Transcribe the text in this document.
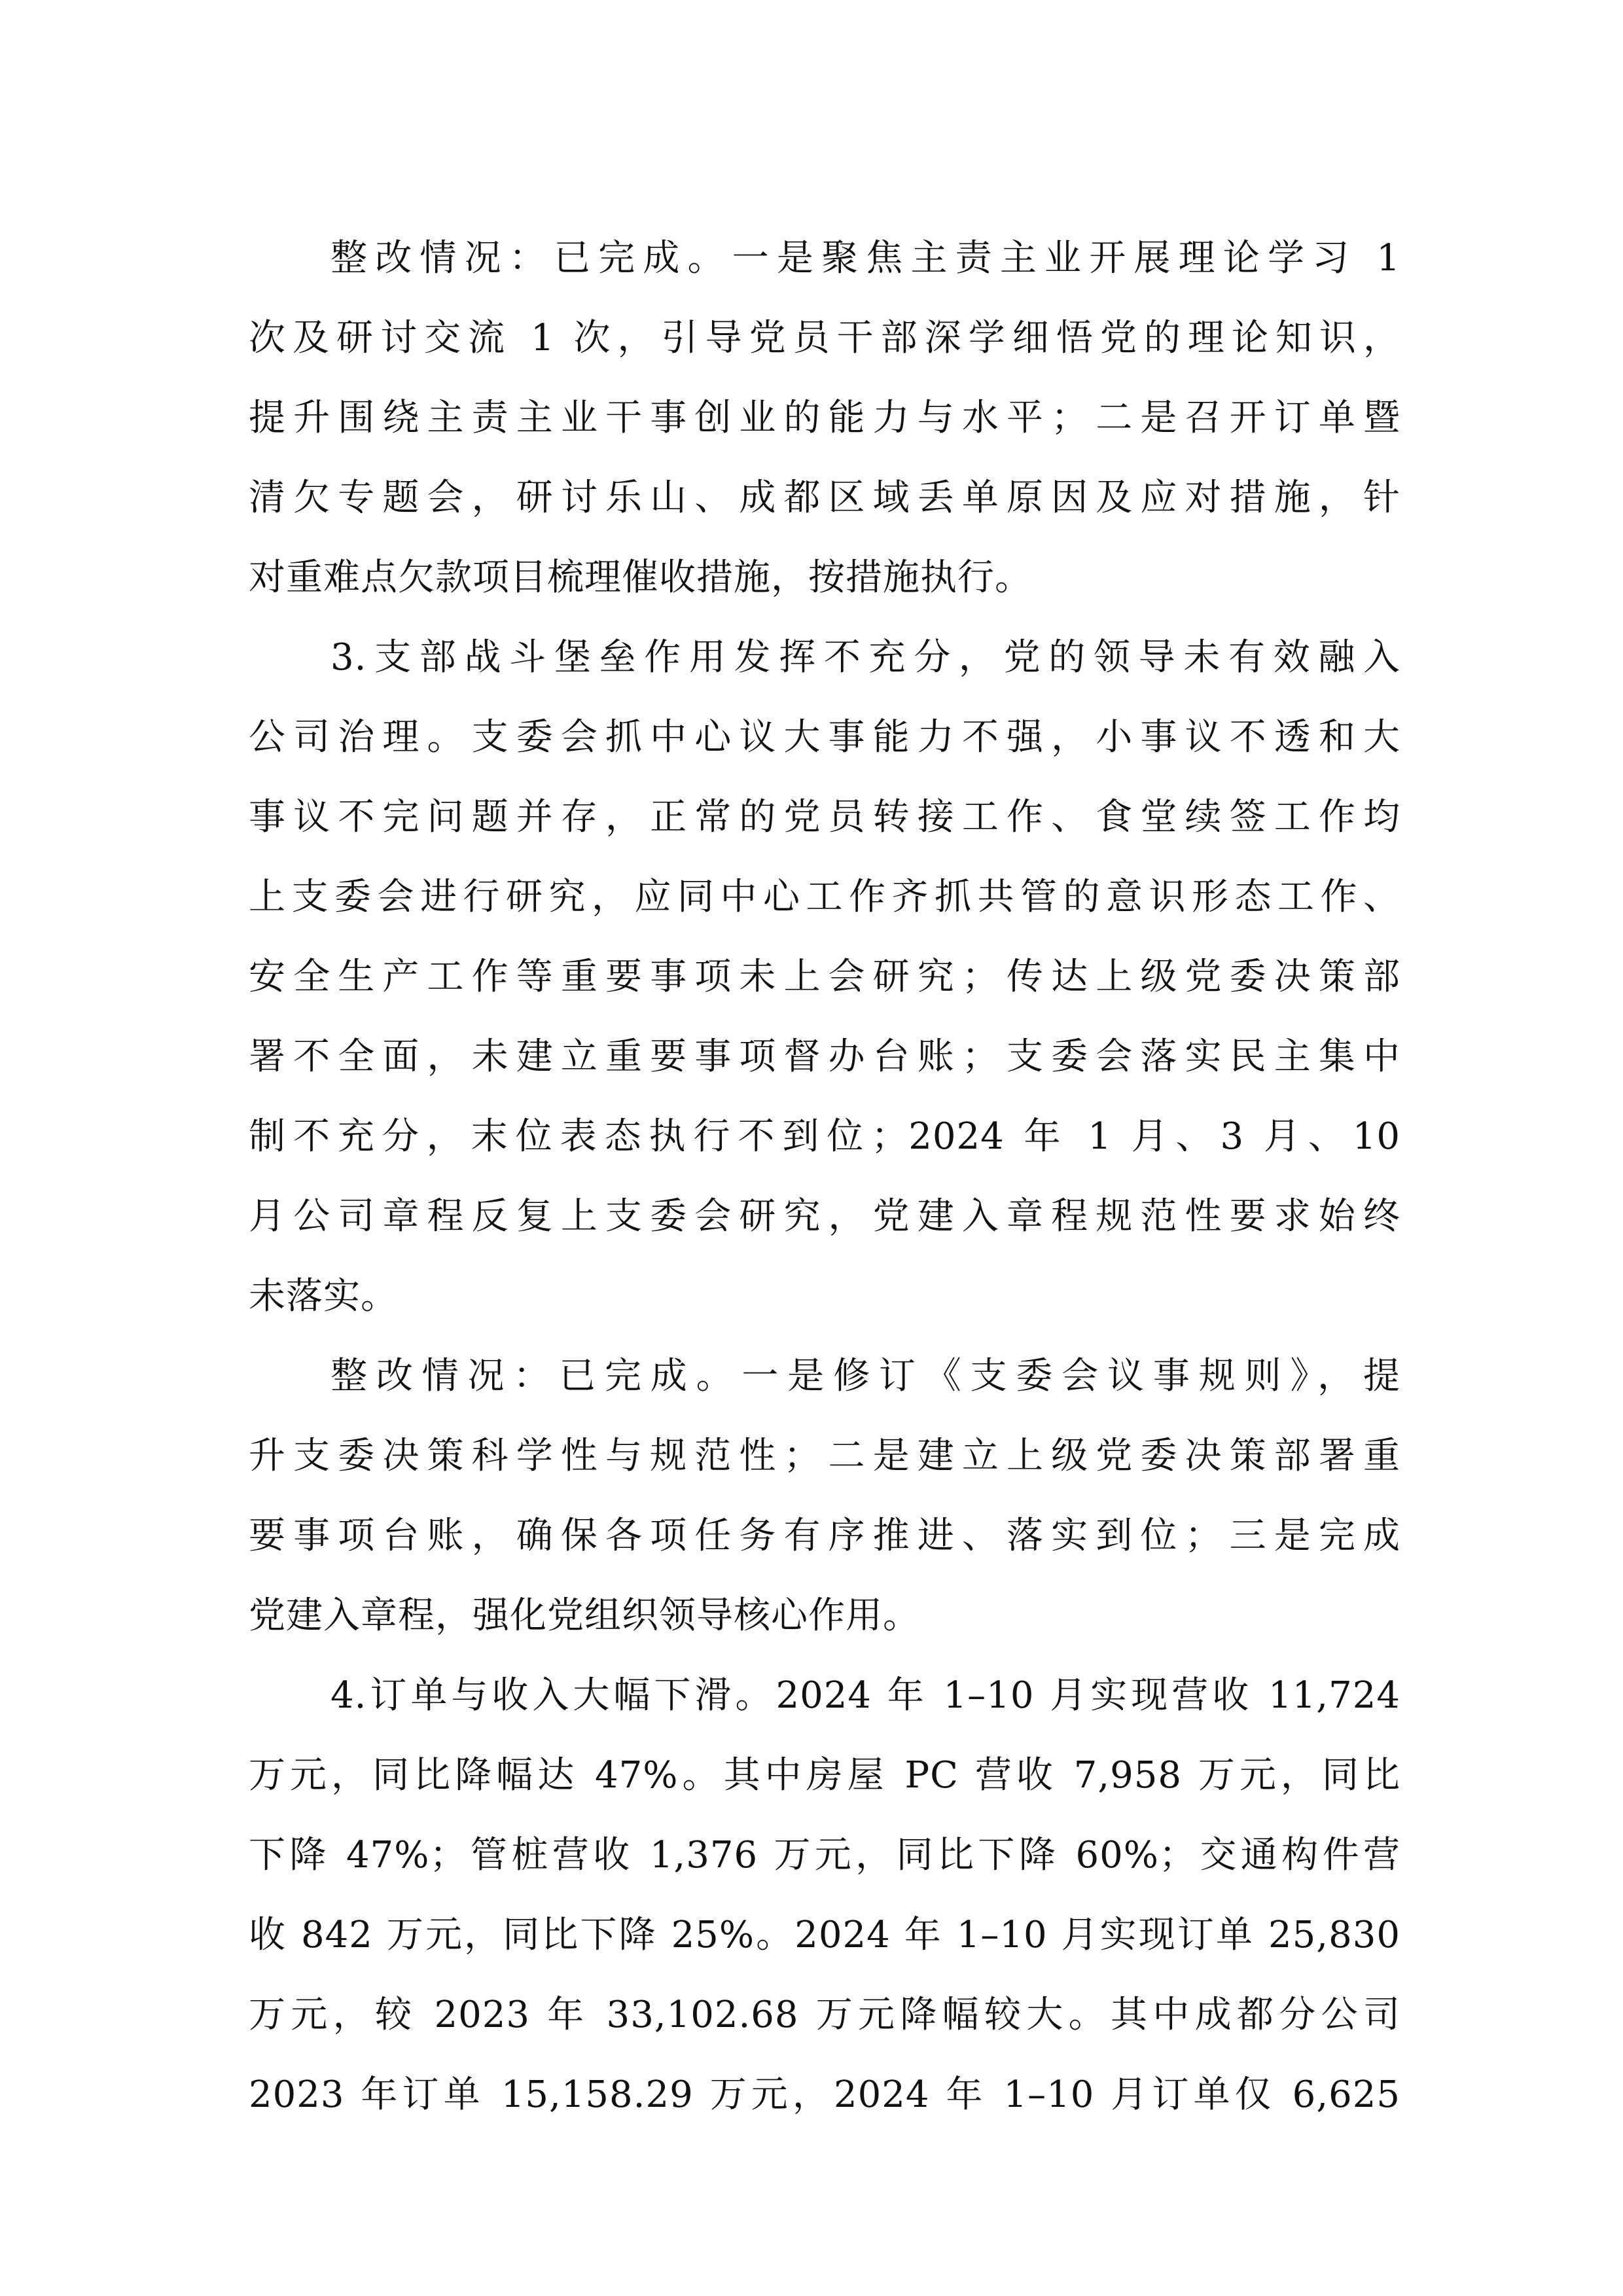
整改情况：已完成。一是聚焦主责主业开展理论学习 1
次及研讨交流 1 次，引导党员干部深学细悟党的理论知识，
提升围绕主责主业干事创业的能力与水平；二是召开订单暨
清欠专题会，研讨乐山、成都区域丢单原因及应对措施，针
对重难点欠款项目梳理催收措施，按措施执行。

3.支部战斗堡垒作用发挥不充分，党的领导未有效融入
公司治理。支委会抓中心议大事能力不强，小事议不透和大
事议不完问题并存，正常的党员转接工作、食堂续签工作均
上支委会进行研究，应同中心工作齐抓共管的意识形态工作、
安全生产工作等重要事项未上会研究；传达上级党委决策部
署不全面，未建立重要事项督办台账；支委会落实民主集中
制不充分，末位表态执行不到位；2024 年 1 月、3 月、10
月公司章程反复上支委会研究，党建入章程规范性要求始终
未落实。

整改情况：已完成。一是修订《支委会议事规则》，提
升支委决策科学性与规范性；二是建立上级党委决策部署重
要事项台账，确保各项任务有序推进、落实到位；三是完成
党建入章程，强化党组织领导核心作用。

4.订单与收入大幅下滑。2024 年 1–10 月实现营收 11,724
万元，同比降幅达 47%。其中房屋 PC 营收 7,958 万元，同比
下降 47%；管桩营收 1,376 万元，同比下降 60%；交通构件营
收 842 万元，同比下降 25%。2024 年 1–10 月实现订单 25,830
万元，较 2023 年 33,102.68 万元降幅较大。其中成都分公司
2023 年订单 15,158.29 万元，2024 年 1–10 月订单仅 6,625
